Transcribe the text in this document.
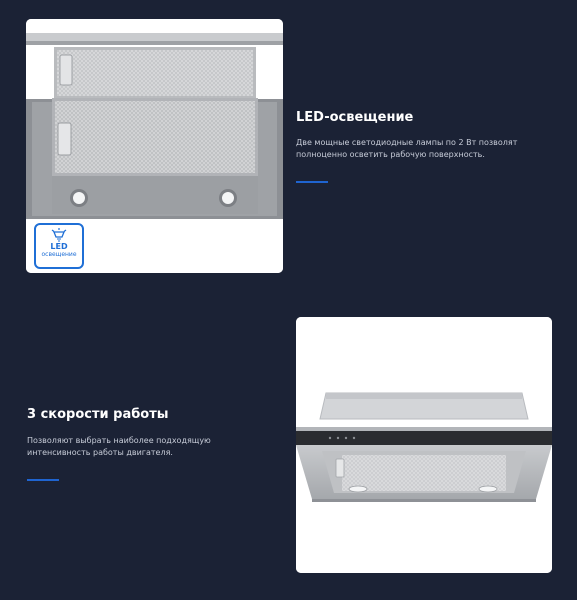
LED
освещение
LED-освещение
Две мощные светодиодные лампы по 2 Вт позволят полноценно осветить рабочую поверхность.
3 скорости работы
Позволяют выбрать наиболее подходящую интенсивность работы двигателя.
